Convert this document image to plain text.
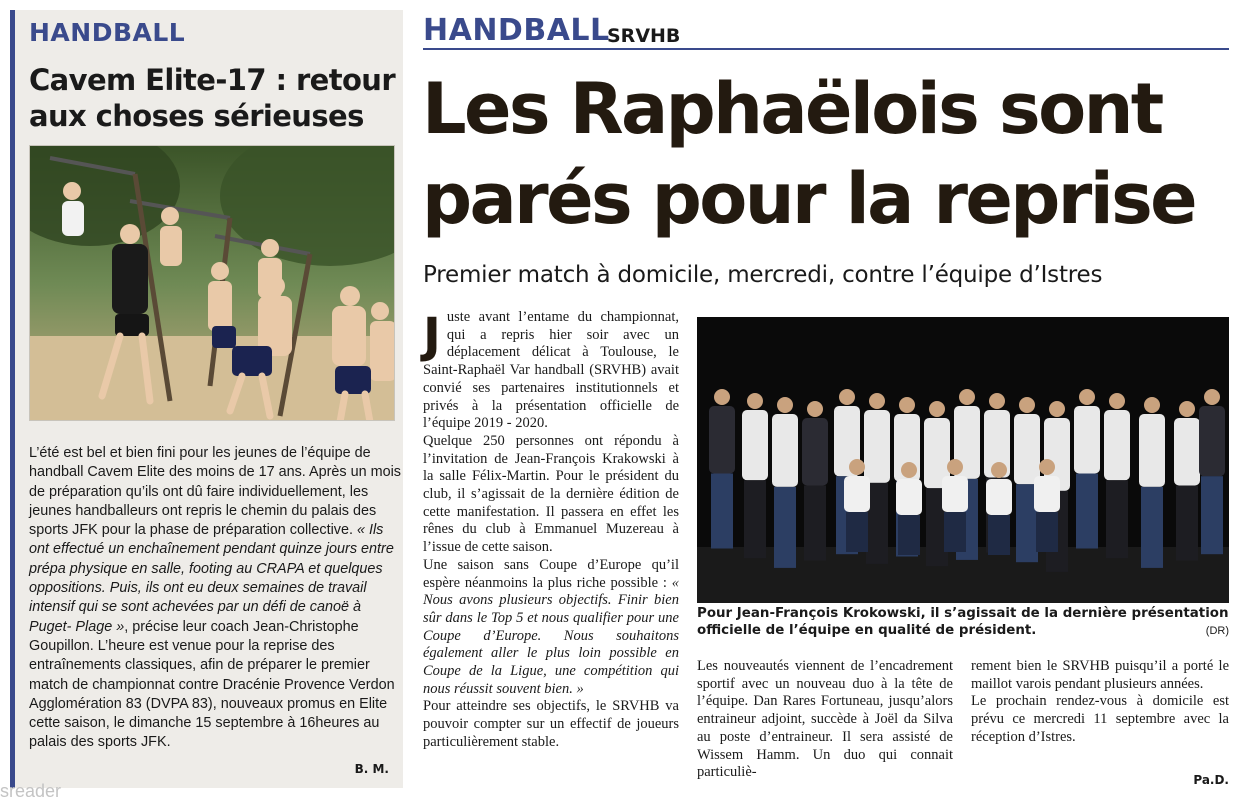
HANDBALL
Cavem Elite-17 : retour aux choses sérieuses
L’été est bel et bien fini pour les jeunes de l’équipe de handball Cavem Elite des moins de 17 ans. Après un mois de préparation qu’ils ont dû faire individuellement, les jeunes handballeurs ont repris le chemin du palais des sports JFK pour la phase de préparation collective. « Ils ont effectué un enchaînement pendant quinze jours entre prépa physique en salle, footing au CRAPA et quelques oppositions. Puis, ils ont eu deux semaines de travail intensif qui se sont achevées par un défi de canoë à Puget- Plage », précise leur coach Jean-Christophe Goupillon. L’heure est venue pour la reprise des entraînements classiques, afin de préparer le premier match de championnat contre Dracénie Provence Verdon Agglomération 83 (DVPA 83), nouveaux promus en Elite cette saison, le dimanche 15 septembre à 16heures au palais des sports JFK.
B. M.
sreader
HANDBALL
SRVHB
Les Raphaëlois sont parés pour la reprise
Premier match à domicile, mercredi, contre l’équipe d’Istres
J uste avant l’entame du championnat, qui a repris hier soir avec un déplacement délicat à Toulouse, le Saint-Raphaël Var handball (SRVHB) avait convié ses partenaires institutionnels et privés à la présentation officielle de l’équipe 2019 - 2020.

Quelque 250 personnes ont répondu à l’invitation de Jean-François Krakowski à la salle Félix-Martin. Pour le président du club, il s’agissait de la dernière édition de cette manifestation. Il passera en effet les rênes du club à Emmanuel Muzereau à l’issue de cette saison.

Une saison sans Coupe d’Europe qu’il espère néanmoins la plus riche possible : « Nous avons plusieurs objectifs. Finir bien sûr dans le Top 5 et nous qualifier pour une Coupe d’Europe. Nous souhaitons également aller le plus loin possible en Coupe de la Ligue, une compétition qui nous réussit souvent bien. »

Pour atteindre ses objectifs, le SRVHB va pouvoir compter sur un effectif de joueurs particulièrement stable.

Pour Jean-François Krokowski, il s’agissait de la dernière présentation officielle de l’équipe en qualité de président.	(DR)
Les nouveautés viennent de l’encadrement sportif avec un nouveau duo à la tête de l’équipe. Dan Rares Fortuneau, jusqu’alors entraineur adjoint, succède à Joël da Silva au poste d’entraineur. Il sera assisté de Wissem Hamm. Un duo qui connait particuliè-

rement bien le SRVHB puisqu’il a porté le maillot varois pendant plusieurs années.

Le prochain rendez-vous à domicile est prévu ce mercredi 11 septembre avec la réception d’Istres.

Pa.D.
